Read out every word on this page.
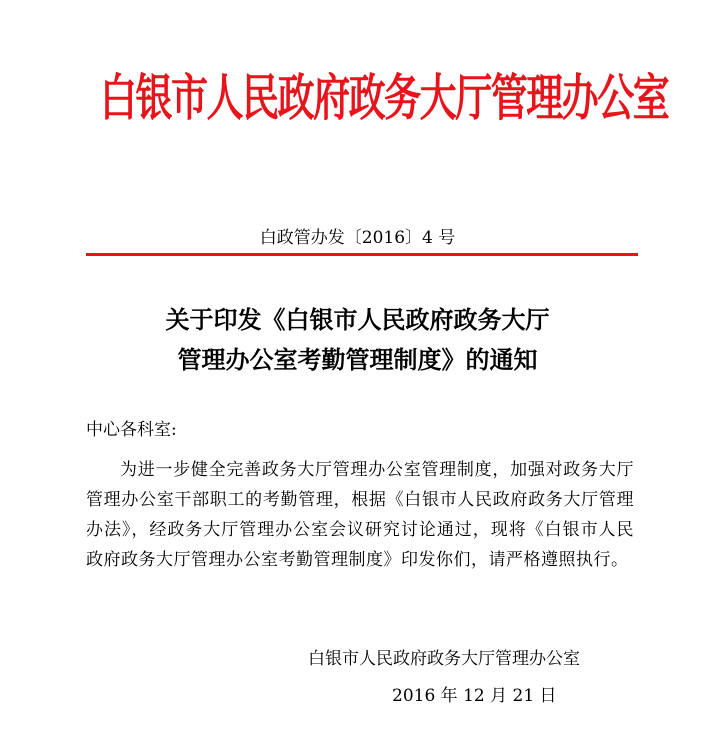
白银市人民政府政务大厅管理办公室
白政管办发〔2016〕4 号
关于印发《白银市人民政府政务大厅
管理办公室考勤管理制度》的通知
中心各科室:
为进一步健全完善政务大厅管理办公室管理制度，加强对政务大厅管理办公室干部职工的考勤管理，根据《白银市人民政府政务大厅管理办法》，经政务大厅管理办公室会议研究讨论通过，现将《白银市人民政府政务大厅管理办公室考勤管理制度》印发你们，请严格遵照执行。
白银市人民政府政务大厅管理办公室
2016 年 12 月 21 日
